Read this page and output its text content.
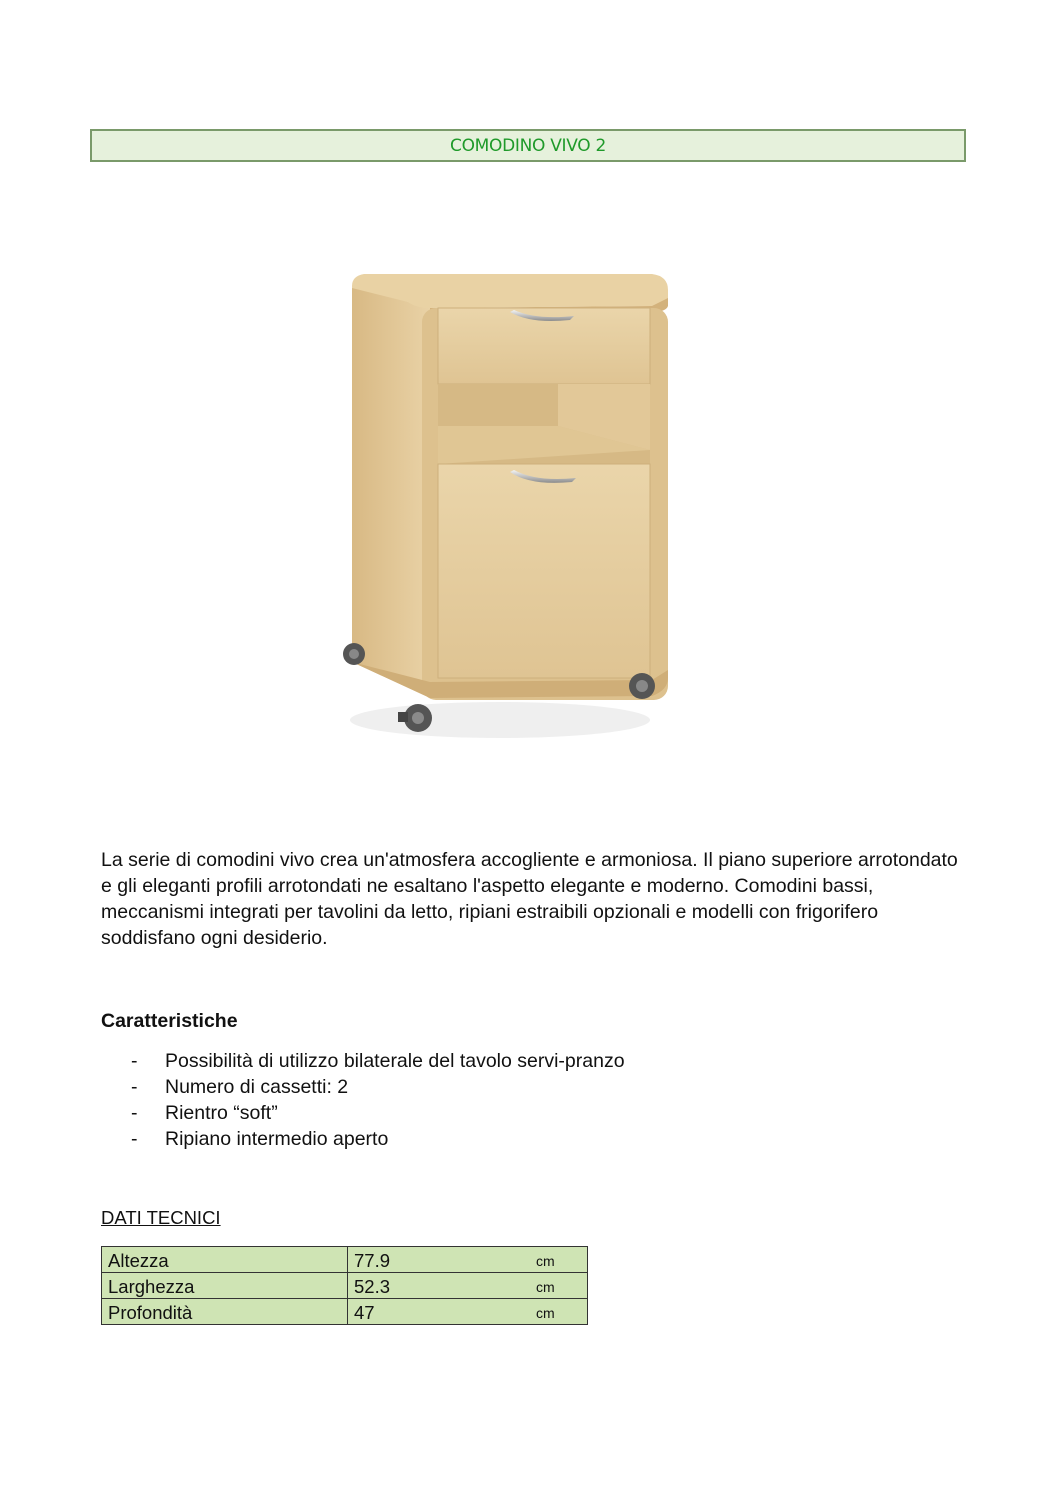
COMODINO VIVO 2

La serie di comodini vivo crea un'atmosfera accogliente e armoniosa. Il piano superiore arrotondato e gli eleganti profili arrotondati ne esaltano l'aspetto elegante e moderno. Comodini bassi, meccanismi integrati per tavolini da letto, ripiani estraibili opzionali e modelli con frigorifero soddisfano ogni desiderio.

Caratteristiche
- Possibilità di utilizzo bilaterale del tavolo servi-pranzo
- Numero di cassetti: 2
- Rientro “soft”
- Ripiano intermedio aperto

DATI TECNICI

Altezza	77.9 cm

Larghezza	52.3 cm

Profondità	47 cm
